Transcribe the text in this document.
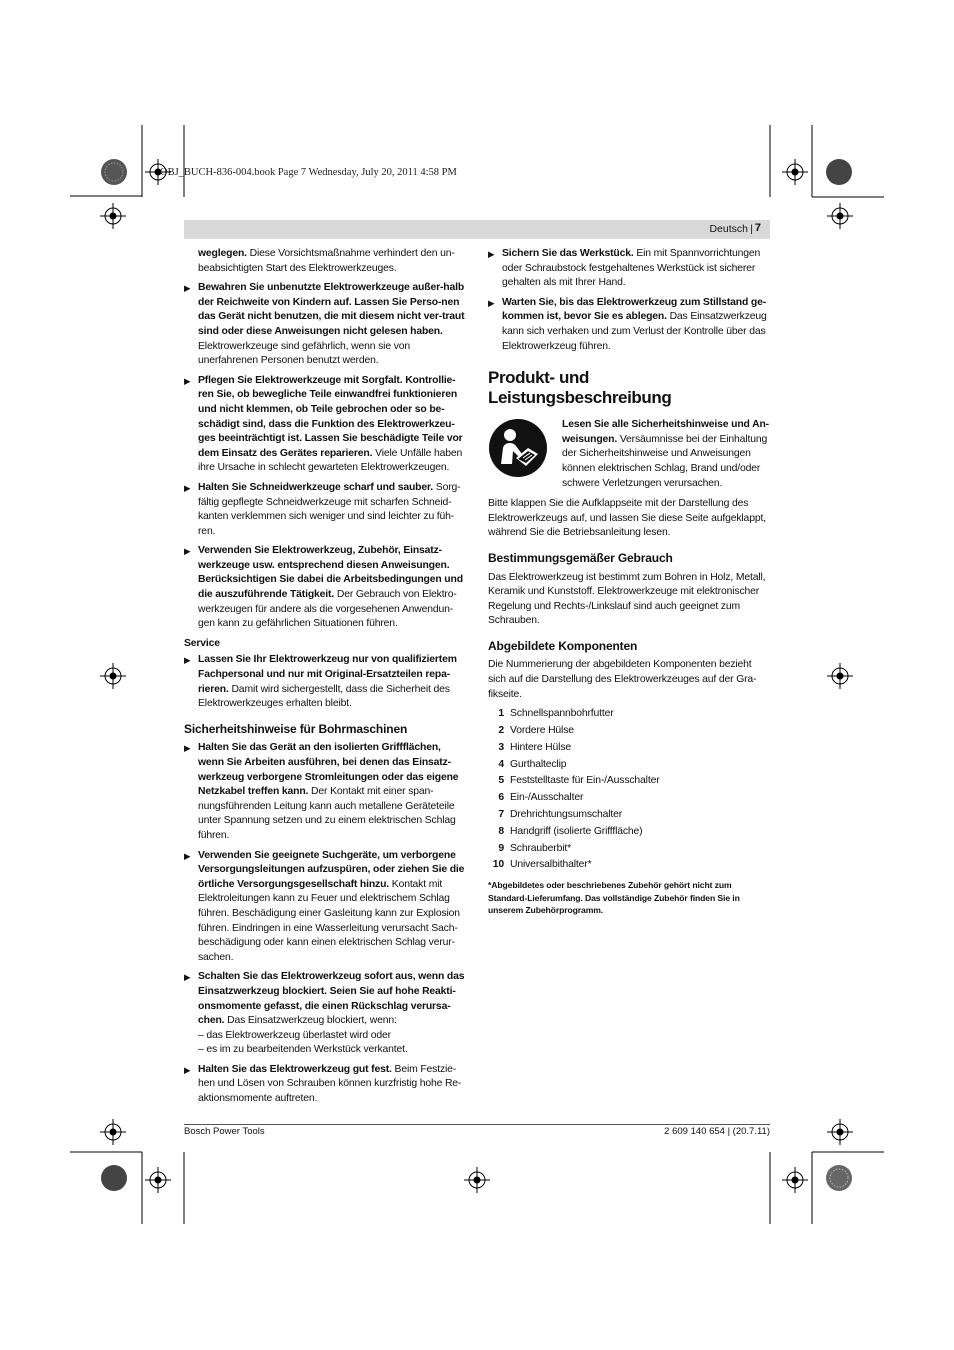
OBJ_BUCH-836-004.book Page 7 Wednesday, July 20, 2011 4:58 PM
Deutsch | 7

weglegen. Diese Vorsichtsmaßnahme verhindert den un-beabsichtigten Start des Elektrowerkzeuges.

▶ Bewahren Sie unbenutzte Elektrowerkzeuge außer-halb der Reichweite von Kindern auf. Lassen Sie Perso-nen das Gerät nicht benutzen, die mit diesem nicht ver-traut sind oder diese Anweisungen nicht gelesen haben. Elektrowerkzeuge sind gefährlich, wenn sie von unerfahrenen Personen benutzt werden.
▶ Pflegen Sie Elektrowerkzeuge mit Sorgfalt. Kontrollie-ren Sie, ob bewegliche Teile einwandfrei funktionieren und nicht klemmen, ob Teile gebrochen oder so be-schädigt sind, dass die Funktion des Elektrowerkzeu-ges beeinträchtigt ist. Lassen Sie beschädigte Teile vor dem Einsatz des Gerätes reparieren. Viele Unfälle haben ihre Ursache in schlecht gewarteten Elektrowerkzeugen.
▶ Halten Sie Schneidwerkzeuge scharf und sauber. Sorg-fältig gepflegte Schneidwerkzeuge mit scharfen Schneid-kanten verklemmen sich weniger und sind leichter zu füh-ren.
▶ Verwenden Sie Elektrowerkzeug, Zubehör, Einsatz-werkzeuge usw. entsprechend diesen Anweisungen. Berücksichtigen Sie dabei die Arbeitsbedingungen und die auszuführende Tätigkeit. Der Gebrauch von Elektro-werkzeugen für andere als die vorgesehenen Anwendun-gen kann zu gefährlichen Situationen führen.
Service
▶ Lassen Sie Ihr Elektrowerkzeug nur von qualifiziertem Fachpersonal und nur mit Original-Ersatzteilen repa-rieren. Damit wird sichergestellt, dass die Sicherheit des Elektrowerkzeuges erhalten bleibt.
Sicherheitshinweise für Bohrmaschinen
▶ Halten Sie das Gerät an den isolierten Griffflächen, wenn Sie Arbeiten ausführen, bei denen das Einsatz-werkzeug verborgene Stromleitungen oder das eigene Netzkabel treffen kann. Der Kontakt mit einer span-nungsführenden Leitung kann auch metallene Geräteteile unter Spannung setzen und zu einem elektrischen Schlag führen.
▶ Verwenden Sie geeignete Suchgeräte, um verborgene Versorgungsleitungen aufzuspüren, oder ziehen Sie die örtliche Versorgungsgesellschaft hinzu. Kontakt mit Elektroleitungen kann zu Feuer und elektrischem Schlag führen. Beschädigung einer Gasleitung kann zur Explosion führen. Eindringen in eine Wasserleitung verursacht Sach-beschädigung oder kann einen elektrischen Schlag verur-sachen.
▶ Schalten Sie das Elektrowerkzeug sofort aus, wenn das Einsatzwerkzeug blockiert. Seien Sie auf hohe Reakti-onsmomente gefasst, die einen Rückschlag verursa-chen. Das Einsatzwerkzeug blockiert, wenn:
– das Elektrowerkzeug überlastet wird oder
– es im zu bearbeitenden Werkstück verkantet.
▶ Halten Sie das Elektrowerkzeug gut fest. Beim Festzie-hen und Lösen von Schrauben können kurzfristig hohe Re-aktionsmomente auftreten.
▶ Sichern Sie das Werkstück. Ein mit Spannvorrichtungen oder Schraubstock festgehaltenes Werkstück ist sicherer gehalten als mit Ihrer Hand.
▶ Warten Sie, bis das Elektrowerkzeug zum Stillstand ge-kommen ist, bevor Sie es ablegen. Das Einsatzwerkzeug kann sich verhaken und zum Verlust der Kontrolle über das Elektrowerkzeug führen.
Produkt- und Leistungsbeschreibung
Lesen Sie alle Sicherheitshinweise und An-weisungen. Versäumnisse bei der Einhaltung der Sicherheitshinweise und Anweisungen können elektrischen Schlag, Brand und/oder schwere Verletzungen verursachen.

Bitte klappen Sie die Aufklappseite mit der Darstellung des Elektrowerkzeugs auf, und lassen Sie diese Seite aufgeklappt, während Sie die Betriebsanleitung lesen.

Bestimmungsgemäßer Gebrauch

Das Elektrowerkzeug ist bestimmt zum Bohren in Holz, Metall, Keramik und Kunststoff. Elektrowerkzeuge mit elektronischer Regelung und Rechts-/Linkslauf sind auch geeignet zum Schrauben.

Abgebildete Komponenten

Die Nummerierung der abgebildeten Komponenten bezieht sich auf die Darstellung des Elektrowerkzeuges auf der Gra-fikseite.

1 Schnellspannbohrfutter
2 Vordere Hülse
3 Hintere Hülse
4 Gurthalteclip
5 Feststelltaste für Ein-/Ausschalter
6 Ein-/Ausschalter
7 Drehrichtungsumschalter
8 Handgriff (isolierte Grifffläche)
9 Schrauberbit*
10 Universalbithalter*
*Abgebildetes oder beschriebenes Zubehör gehört nicht zum Standard-Lieferumfang. Das vollständige Zubehör finden Sie in unserem Zubehörprogramm.
Bosch Power Tools	2 609 140 654 | (20.7.11)
